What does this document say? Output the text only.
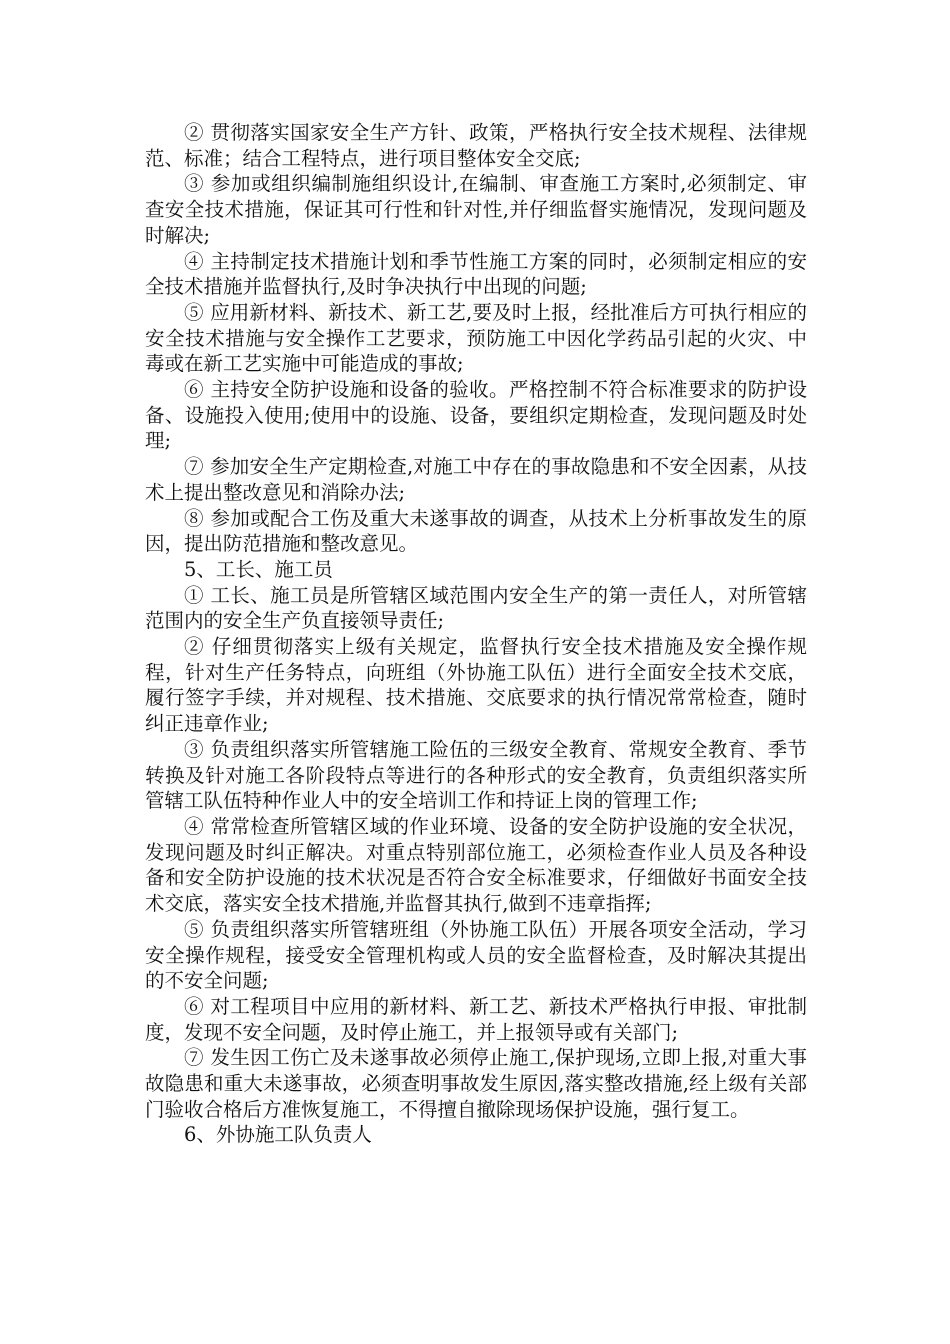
② 贯彻落实国家安全生产方针、政策，严格执行安全技术规程、法律规范、标准；结合工程特点，进行项目整体安全交底;

③ 参加或组织编制施组织设计,在编制、审查施工方案时,必须制定、审查安全技术措施，保证其可行性和针对性,并仔细监督实施情况，发现问题及时解决;

④ 主持制定技术措施计划和季节性施工方案的同时，必须制定相应的安全技术措施并监督执行,及时争决执行中出现的问题;

⑤ 应用新材料、新技术、新工艺,要及时上报，经批准后方可执行相应的安全技术措施与安全操作工艺要求，预防施工中因化学药品引起的火灾、中毒或在新工艺实施中可能造成的事故;

⑥ 主持安全防护设施和设备的验收。严格控制不符合标准要求的防护设备、设施投入使用;使用中的设施、设备，要组织定期检查，发现问题及时处理;

⑦ 参加安全生产定期检查,对施工中存在的事故隐患和不安全因素，从技术上提出整改意见和消除办法;

⑧ 参加或配合工伤及重大未遂事故的调查，从技术上分析事故发生的原因，提出防范措施和整改意见。

5、工长、施工员

① 工长、施工员是所管辖区域范围内安全生产的第一责任人，对所管辖范围内的安全生产负直接领导责任;

② 仔细贯彻落实上级有关规定，监督执行安全技术措施及安全操作规程，针对生产任务特点，向班组（外协施工队伍）进行全面安全技术交底，履行签字手续，并对规程、技术措施、交底要求的执行情况常常检查，随时纠正违章作业;

③ 负责组织落实所管辖施工险伍的三级安全教育、常规安全教育、季节转换及针对施工各阶段特点等进行的各种形式的安全教育，负责组织落实所管辖工队伍特种作业人中的安全培训工作和持证上岗的管理工作;

④ 常常检查所管辖区域的作业环境、设备的安全防护设施的安全状况，发现问题及时纠正解决。对重点特别部位施工，必须检查作业人员及各种设备和安全防护设施的技术状况是否符合安全标准要求，仔细做好书面安全技术交底，落实安全技术措施,并监督其执行,做到不违章指挥;

⑤ 负责组织落实所管辖班组（外协施工队伍）开展各项安全活动，学习安全操作规程，接受安全管理机构或人员的安全监督检查，及时解决其提出的不安全问题;

⑥ 对工程项目中应用的新材料、新工艺、新技术严格执行申报、审批制度，发现不安全问题，及时停止施工，并上报领导或有关部门;

⑦ 发生因工伤亡及未遂事故必须停止施工,保护现场,立即上报,对重大事故隐患和重大未遂事故，必须查明事故发生原因,落实整改措施,经上级有关部门验收合格后方准恢复施工，不得擅自撤除现场保护设施，强行复工。

6、外协施工队负责人
